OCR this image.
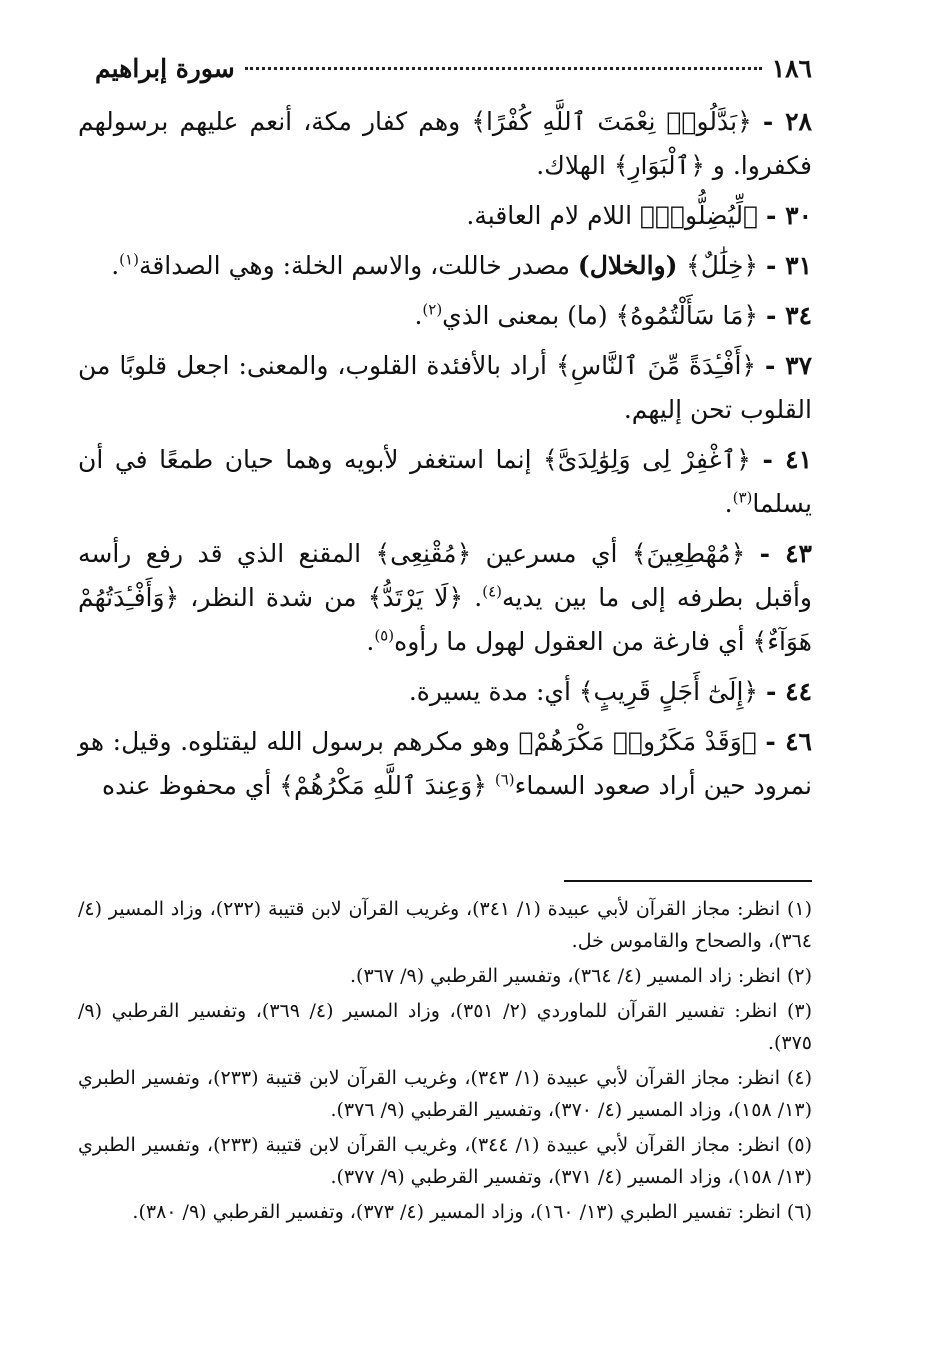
١٨٦
سورة إبراهيم

٢٨ - ﴿بَدَّلُوا۟ نِعْمَتَ ٱللَّهِ كُفْرًا﴾ وهم كفار مكة، أنعم عليهم برسولهم فكفروا. و ﴿ٱلْبَوَارِ﴾ الهلاك.

٣٠ - ﴿لِّيُضِلُّوا۟﴾ اللام لام العاقبة.

٣١ - ﴿خِلَٰلٌ﴾ (والخلال) مصدر خاللت، والاسم الخلة: وهي الصداقة$^{(١)}$.

٣٤ - ﴿مَا سَأَلْتُمُوهُ﴾ (ما) بمعنى الذي$^{(٢)}$.

٣٧ - ﴿أَفْـِٔدَةً مِّنَ ٱلنَّاسِ﴾ أراد بالأفئدة القلوب، والمعنى: اجعل قلوبًا من القلوب تحن إليهم.

٤١ - ﴿ٱغْفِرْ لِى وَلِوَٰلِدَىَّ﴾ إنما استغفر لأبويه وهما حيان طمعًا في أن يسلما$^{(٣)}$.

٤٣ - ﴿مُهْطِعِينَ﴾ أي مسرعين ﴿مُقْنِعِى﴾ المقنع الذي قد رفع رأسه وأقبل بطرفه إلى ما بين يديه$^{(٤)}$. ﴿لَا يَرْتَدُّ﴾ من شدة النظر، ﴿وَأَفْـِٔدَتُهُمْ هَوَآءٌ﴾ أي فارغة من العقول لهول ما رأوه$^{(٥)}$.

٤٤ - ﴿إِلَىٰٓ أَجَلٍ قَرِيبٍ﴾ أي: مدة يسيرة.

٤٦ - ﴿وَقَدْ مَكَرُوا۟ مَكْرَهُمْ﴾ وهو مكرهم برسول الله ليقتلوه. وقيل: هو نمرود حين أراد صعود السماء$^{(٦)}$ ﴿وَعِندَ ٱللَّهِ مَكْرُهُمْ﴾ أي محفوظ عنده

(١) انظر: مجاز القرآن لأبي عبيدة (١/ ٣٤١)، وغريب القرآن لابن قتيبة (٢٣٢)، وزاد المسير (٤/ ٣٦٤)، والصحاح والقاموس خل.

(٢) انظر: زاد المسير (٤/ ٣٦٤)، وتفسير القرطبي (٩/ ٣٦٧).

(٣) انظر: تفسير القرآن للماوردي (٢/ ٣٥١)، وزاد المسير (٤/ ٣٦٩)، وتفسير القرطبي (٩/ ٣٧٥).

(٤) انظر: مجاز القرآن لأبي عبيدة (١/ ٣٤٣)، وغريب القرآن لابن قتيبة (٢٣٣)، وتفسير الطبري (١٣/ ١٥٨)، وزاد المسير (٤/ ٣٧٠)، وتفسير القرطبي (٩/ ٣٧٦).

(٥) انظر: مجاز القرآن لأبي عبيدة (١/ ٣٤٤)، وغريب القرآن لابن قتيبة (٢٣٣)، وتفسير الطبري (١٣/ ١٥٨)، وزاد المسير (٤/ ٣٧١)، وتفسير القرطبي (٩/ ٣٧٧).

(٦) انظر: تفسير الطبري (١٣/ ١٦٠)، وزاد المسير (٤/ ٣٧٣)، وتفسير القرطبي (٩/ ٣٨٠).
